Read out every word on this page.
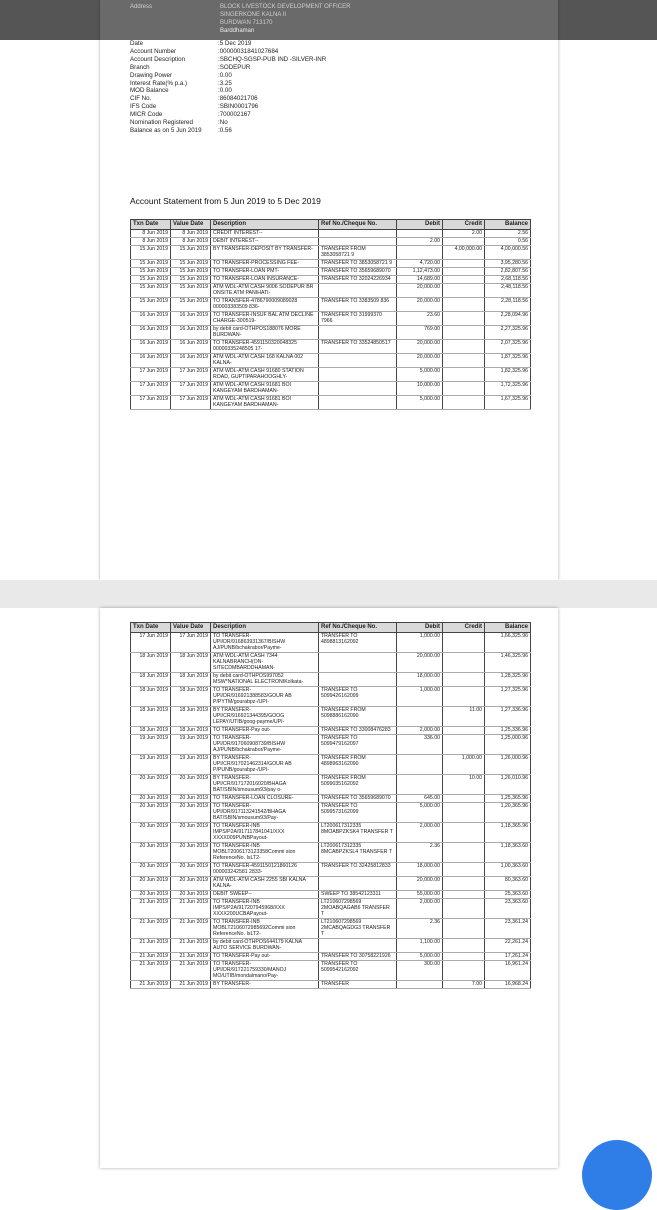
Address	BLOCK LIVESTOCK DEVELOPMENT OFFICER
SINGERKONE KALNA II
BURDWAN 713170
Barddhaman
Date	:5 Dec 2019
Account Number	:00000031841027684
Account Description	:SBCHQ-SGSP-PUB IND -SILVER-INR
Branch	:SODEPUR
Drawing Power	:0.00
Interest Rate(% p.a.)	:3.25
MOD Balance	:0.00
CIF No.	:86084021706
IFS Code	:SBIN0001796
MICR Code	:700002167
Nomination Registered	:No
Balance as on 5 Jun 2019	:0.56
Account Statement from 5 Jun 2019 to 5 Dec 2019
Txn Date	Value Date	Description	Ref No./Cheque No.	Debit	Credit	Balance
8 Jun 2019	8 Jun 2019	CREDIT INTEREST--			2.00	2.56
8 Jun 2019	8 Jun 2019	DEBIT INTEREST--		2.00		0.56
15 Jun 2019	15 Jun 2019	BY TRANSFER-DEPOSIT BY TRANSFER-	TRANSFER FROM 3853058721 9		4,00,000.00	4,00,000.56
15 Jun 2019	15 Jun 2019	TO TRANSFER-PROCESSING FEE-	TRANSFER TO 3853058721 9	4,720.00		3,95,280.56
15 Jun 2019	15 Jun 2019	TO TRANSFER-LOAN PMT-	TRANSFER TO 35659689070	1,12,473.00		2,82,807.56
15 Jun 2019	15 Jun 2019	TO TRANSFER-LOAN INSURANCE-	TRANSFER TO 32024226934	14,689.00		2,68,118.56
15 Jun 2019	15 Jun 2019	ATM WDL-ATM CASH 9006 SODEPUR BR ONSITE ATM PANIHATI-		20,000.00		2,48,118.56
15 Jun 2019	15 Jun 2019	TO TRANSFER-4786790009089028 000003383509 836-	TRANSFER TO 3383509 836	20,000.00		2,28,118.56
16 Jun 2019	16 Jun 2019	TO TRANSFER-INSUF BAL ATM DECLINE CHARGE-300519-	TRANSFER TO 31999370 7966	23.60		2,28,094.96
16 Jun 2019	16 Jun 2019	by debit card-OTHPOS188076 MORE BURDWAN-		769.00		2,27,325.96
16 Jun 2019	16 Jun 2019	TO TRANSFER-4591150320048325 00000335248505 17-	TRANSFER TO 33524850517	20,000.00		2,07,325.96
16 Jun 2019	16 Jun 2019	ATM WDL-ATM CASH 168 KALNA 002 KALNA-		20,000.00		1,87,325.96
17 Jun 2019	17 Jun 2019	ATM WDL-ATM CASH 91680 STATION ROAD, GUPTIPARAHOOGHLY-		5,000.00		1,82,325.96
17 Jun 2019	17 Jun 2019	ATM WDL-ATM CASH 91681 BOI KANGEYAM BARDHAMAN-		10,000.00		1,72,325.96
17 Jun 2019	17 Jun 2019	ATM WDL-ATM CASH 91681 BOI KANGEYAM BARDHAMAN-		5,000.00		1,67,325.96
Txn Date	Value Date	Description	Ref No./Cheque No.	Debit	Credit	Balance
17 Jun 2019	17 Jun 2019	TO TRANSFER-UPI/DR/916863931367/BISHW AJ/PUNB/bchakrabor/Payme-	TRANSFER TO 4898813162092	1,000.00		1,66,325.96
18 Jun 2019	18 Jun 2019	ATM WDL-ATM CASH 7344 KALNABRANCH(ON-SITECDMBARDDHAMAN-		20,000.00		1,46,325.96
18 Jun 2019	18 Jun 2019	by debit card-OTHPOS997052 MSW*NATIONAL ELECTRONIKolkata-		18,000.00		1,28,325.96
18 Jun 2019	18 Jun 2019	TO TRANSFER-UPI/DR/916921388583/GOUR AB P/PYTM/gourabpz-/UPI-	TRANSFER TO 5099426162099	1,000.00		1,27,325.96
18 Jun 2019	18 Jun 2019	BY TRANSFER-UPI/CR/916921344395/GOOG LEPAY/UTIB/goog-payme/UPI-	TRANSFER FROM 5098886162090		11.00	1,27,336.96
18 Jun 2019	18 Jun 2019	TO TRANSFER-Pay out-	TRANSFER TO 33008476283	2,000.00		1,25,336.96
19 Jun 2019	19 Jun 2019	TO TRANSFER-UPI/DR/917060908739/BISHW AJ/PUNB/bchakrabor/Payme-	TRANSFER TO 5099479162097	336.00		1,25,000.96
19 Jun 2019	19 Jun 2019	BY TRANSFER-UPI/CR/917021462314/GOUR AB P/PUNB/gourabpz-/UPI-	TRANSFER FROM 4898963162090		1,000.00	1,26,000.96
20 Jun 2019	20 Jun 2019	BY TRANSFER-UPI/CR/917172016020/BHAGA BAT/SBIN/smousum93/pay o-	TRANSFER FROM 5099035162092		10.00	1,26,010.96
20 Jun 2019	20 Jun 2019	TO TRANSFER-LOAN CLOSURE-	TRANSFER TO 35659689070	645.00		1,25,365.96
20 Jun 2019	20 Jun 2019	TO TRANSFER-UPI/DR/917113241542/BHAGA BAT/SBIN/smousum93/Pay-	TRANSFER TO 5099573162099	5,000.00		1,20,365.96
20 Jun 2019	20 Jun 2019	TO TRANSFER-INB IMPS/P2A/917117841041/XXX XXXX009PUNBPayout-	LT200617312335 8MOABPZKSK4 TRANSFER T	2,000.00		1,18,365.96
20 Jun 2019	20 Jun 2019	TO TRANSFER-INB MOBLT2006173123358Commi sion ReferenceNo. IsLT2-	LT200617312335 8MCABPZKSL4 TRANSFER T	2.36		1,18,363.60
20 Jun 2019	20 Jun 2019	TO TRANSFER-4591150121860126 000003242581 2833-	TRANSFER TO 32425812833	18,000.00		1,00,363.60
20 Jun 2019	20 Jun 2019	ATM WDL-ATM CASH 2255 SBI KALNA KALNA-		20,000.00		80,363.60
20 Jun 2019	20 Jun 2019	DEBIT SWEEP--	SWEEP TO 38542123311	55,000.00		25,363.60
21 Jun 2019	21 Jun 2019	TO TRANSFER-INB IMPS/P2A/917207945968/XXX XXXX200UCBAPayout-	LT210607298569 2MOABQAGAB6 TRANSFER T	2,000.00		23,363.60
21 Jun 2019	21 Jun 2019	TO TRANSFER-INB MOBLT2106072985692Commi sion ReferenceNo. IsLT2-	LT210607298569 2MCABQAGDG3 TRANSFER T	2.36		23,361.24
21 Jun 2019	21 Jun 2019	by debit card-OTHPOS644179 KALNA AUTO SERVICE BURDWAN-		1,100.00		22,261.24
21 Jun 2019	21 Jun 2019	TO TRANSFER-Pay out-	TRANSFER TO 30758221926	5,000.00		17,261.24
21 Jun 2019	21 Jun 2019	TO TRANSFER-UPI/DR/917221759330/MANOJ MO/UTIB/mondalmano/Pay-	TRANSFER TO 5099542162092	300.00		16,961.24
21 Jun 2019	21 Jun 2019	BY TRANSFER-	TRANSFER		7.00	16,968.24
